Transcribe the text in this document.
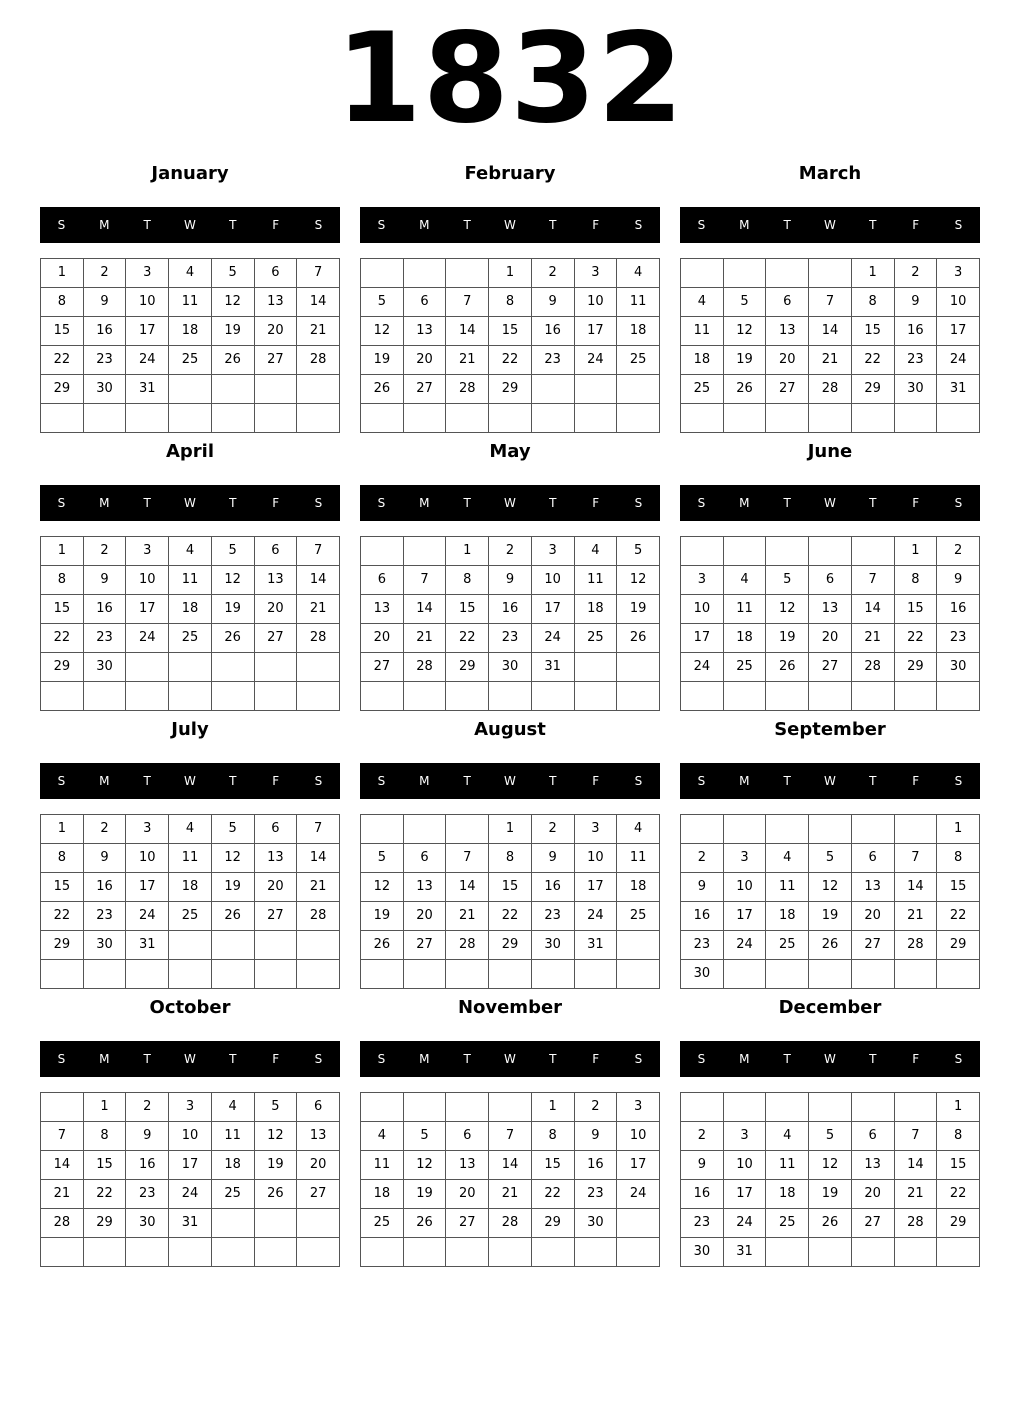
1832
January
S	M	T	W	T	F	S
1	2	3	4	5	6	7
8	9	10	11	12	13	14
15	16	17	18	19	20	21
22	23	24	25	26	27	28
29	30	31				

February
S	M	T	W	T	F	S
			1	2	3	4
5	6	7	8	9	10	11
12	13	14	15	16	17	18
19	20	21	22	23	24	25
26	27	28	29			

March
S	M	T	W	T	F	S
				1	2	3
4	5	6	7	8	9	10
11	12	13	14	15	16	17
18	19	20	21	22	23	24
25	26	27	28	29	30	31

April
S	M	T	W	T	F	S
1	2	3	4	5	6	7
8	9	10	11	12	13	14
15	16	17	18	19	20	21
22	23	24	25	26	27	28
29	30					

May
S	M	T	W	T	F	S
		1	2	3	4	5
6	7	8	9	10	11	12
13	14	15	16	17	18	19
20	21	22	23	24	25	26
27	28	29	30	31		

June
S	M	T	W	T	F	S
					1	2
3	4	5	6	7	8	9
10	11	12	13	14	15	16
17	18	19	20	21	22	23
24	25	26	27	28	29	30

July
S	M	T	W	T	F	S
1	2	3	4	5	6	7
8	9	10	11	12	13	14
15	16	17	18	19	20	21
22	23	24	25	26	27	28
29	30	31				

August
S	M	T	W	T	F	S
			1	2	3	4
5	6	7	8	9	10	11
12	13	14	15	16	17	18
19	20	21	22	23	24	25
26	27	28	29	30	31	

September
S	M	T	W	T	F	S
						1
2	3	4	5	6	7	8
9	10	11	12	13	14	15
16	17	18	19	20	21	22
23	24	25	26	27	28	29
30						
October
S	M	T	W	T	F	S
	1	2	3	4	5	6
7	8	9	10	11	12	13
14	15	16	17	18	19	20
21	22	23	24	25	26	27
28	29	30	31			

November
S	M	T	W	T	F	S
				1	2	3
4	5	6	7	8	9	10
11	12	13	14	15	16	17
18	19	20	21	22	23	24
25	26	27	28	29	30	

December
S	M	T	W	T	F	S
						1
2	3	4	5	6	7	8
9	10	11	12	13	14	15
16	17	18	19	20	21	22
23	24	25	26	27	28	29
30	31					
